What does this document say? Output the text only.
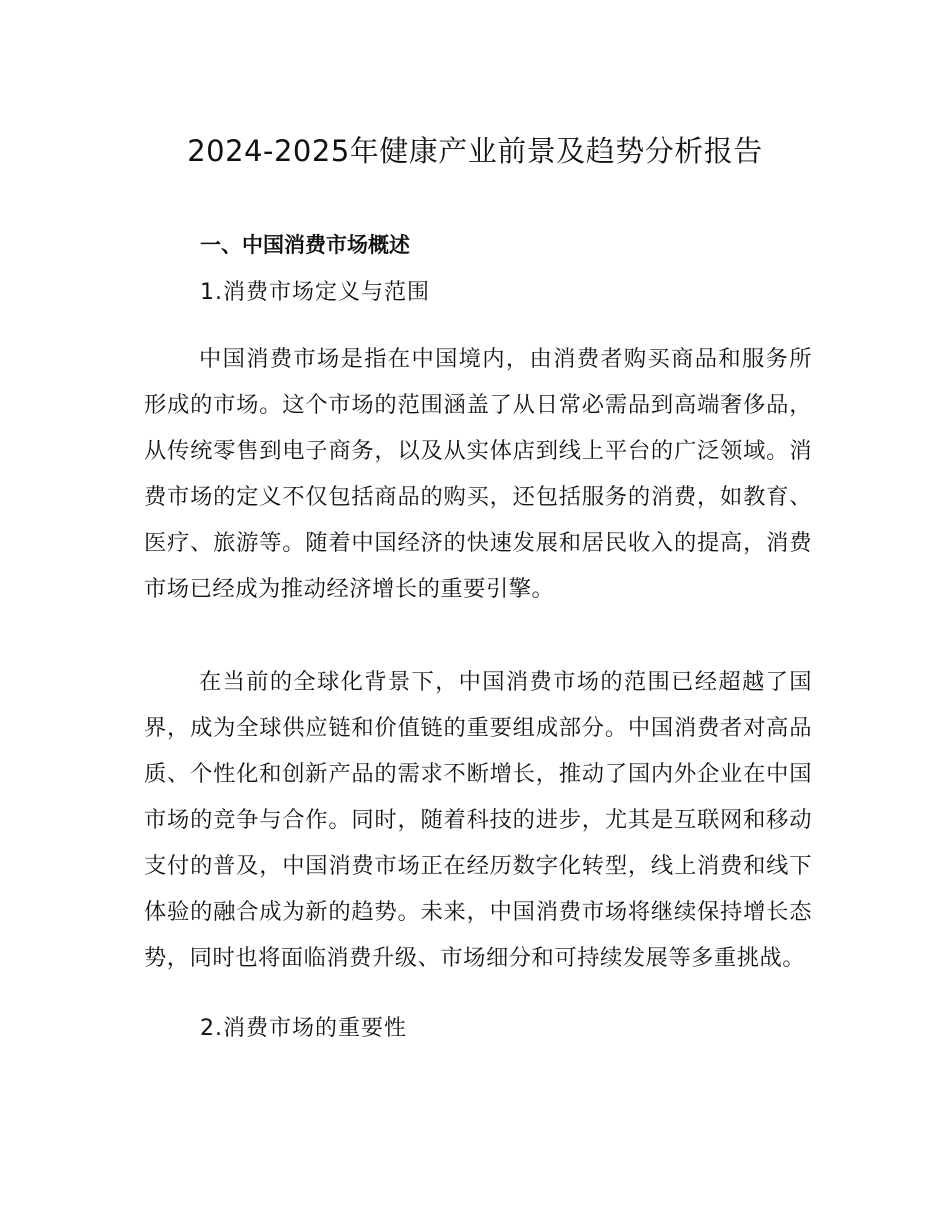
2024-2025年健康产业前景及趋势分析报告
一、中国消费市场概述
1.消费市场定义与范围

中国消费市场是指在中国境内，由消费者购买商品和服务所形成的市场。这个市场的范围涵盖了从日常必需品到高端奢侈品，从传统零售到电子商务，以及从实体店到线上平台的广泛领域。消费市场的定义不仅包括商品的购买，还包括服务的消费，如教育、医疗、旅游等。随着中国经济的快速发展和居民收入的提高，消费市场已经成为推动经济增长的重要引擎。

在当前的全球化背景下，中国消费市场的范围已经超越了国界，成为全球供应链和价值链的重要组成部分。中国消费者对高品质、个性化和创新产品的需求不断增长，推动了国内外企业在中国市场的竞争与合作。同时，随着科技的进步，尤其是互联网和移动支付的普及，中国消费市场正在经历数字化转型，线上消费和线下体验的融合成为新的趋势。未来，中国消费市场将继续保持增长态势，同时也将面临消费升级、市场细分和可持续发展等多重挑战。

2.消费市场的重要性
